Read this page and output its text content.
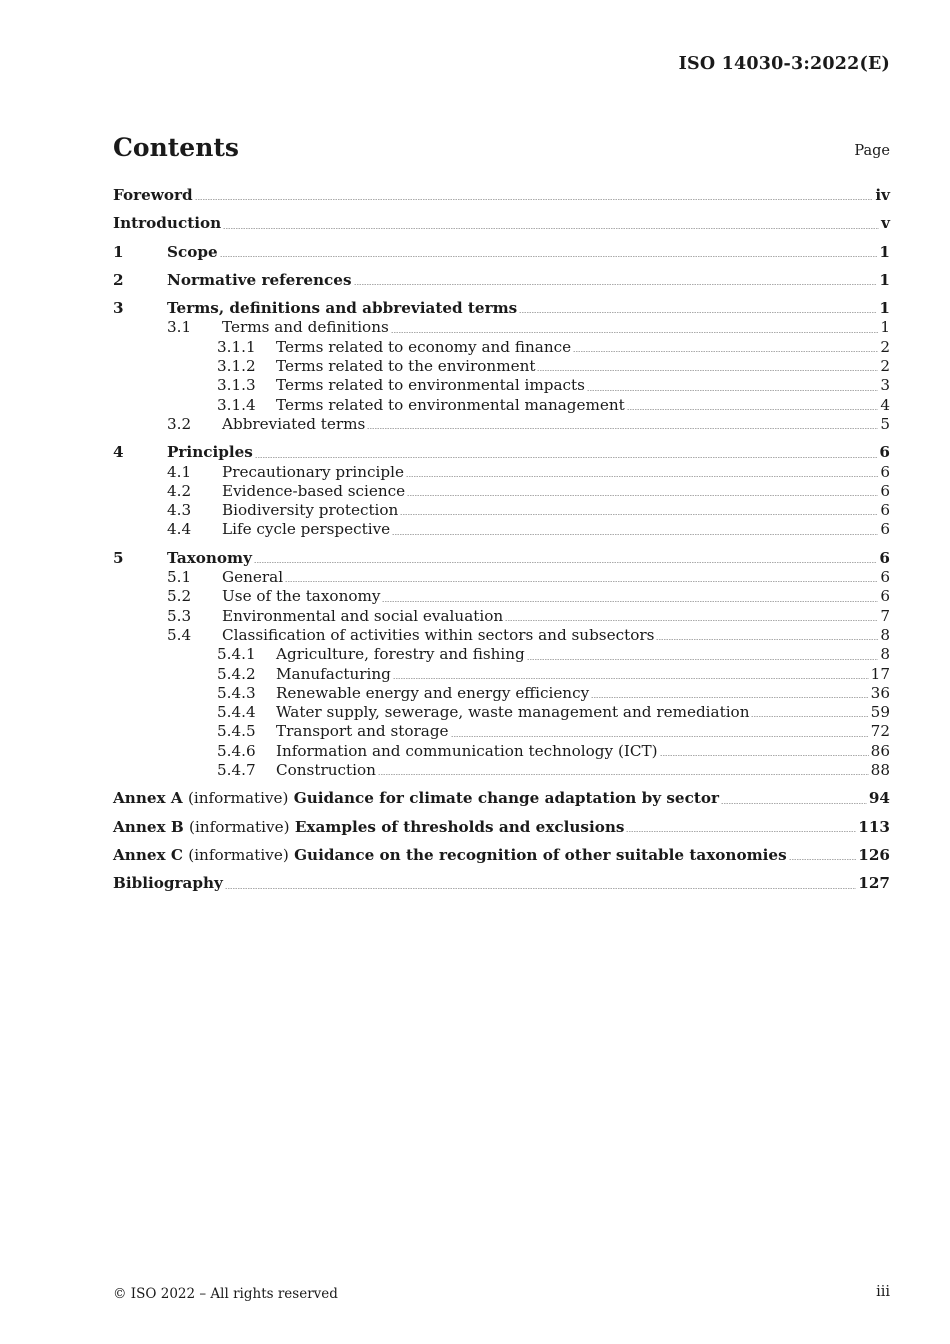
ISO 14030-3:2022(E)
Contents	Page
Foreword	iv
Introduction	v
1	Scope	1
2	Normative references	1
3	Terms, definitions and abbreviated terms	1
3.1	Terms and definitions	1
3.1.1	Terms related to economy and finance	2
3.1.2	Terms related to the environment	2
3.1.3	Terms related to environmental impacts	3
3.1.4	Terms related to environmental management	4
3.2	Abbreviated terms	5
4	Principles	6
4.1	Precautionary principle	6
4.2	Evidence-based science	6
4.3	Biodiversity protection	6
4.4	Life cycle perspective	6
5	Taxonomy	6
5.1	General	6
5.2	Use of the taxonomy	6
5.3	Environmental and social evaluation	7
5.4	Classification of activities within sectors and subsectors	8
5.4.1	Agriculture, forestry and fishing	8
5.4.2	Manufacturing	17
5.4.3	Renewable energy and energy efficiency	36
5.4.4	Water supply, sewerage, waste management and remediation	59
5.4.5	Transport and storage	72
5.4.6	Information and communication technology (ICT)	86
5.4.7	Construction	88
Annex A (informative) Guidance for climate change adaptation by sector	94
Annex B (informative) Examples of thresholds and exclusions	113
Annex C (informative) Guidance on the recognition of other suitable taxonomies	126
Bibliography	127
© ISO 2022 – All rights reserved	iii
